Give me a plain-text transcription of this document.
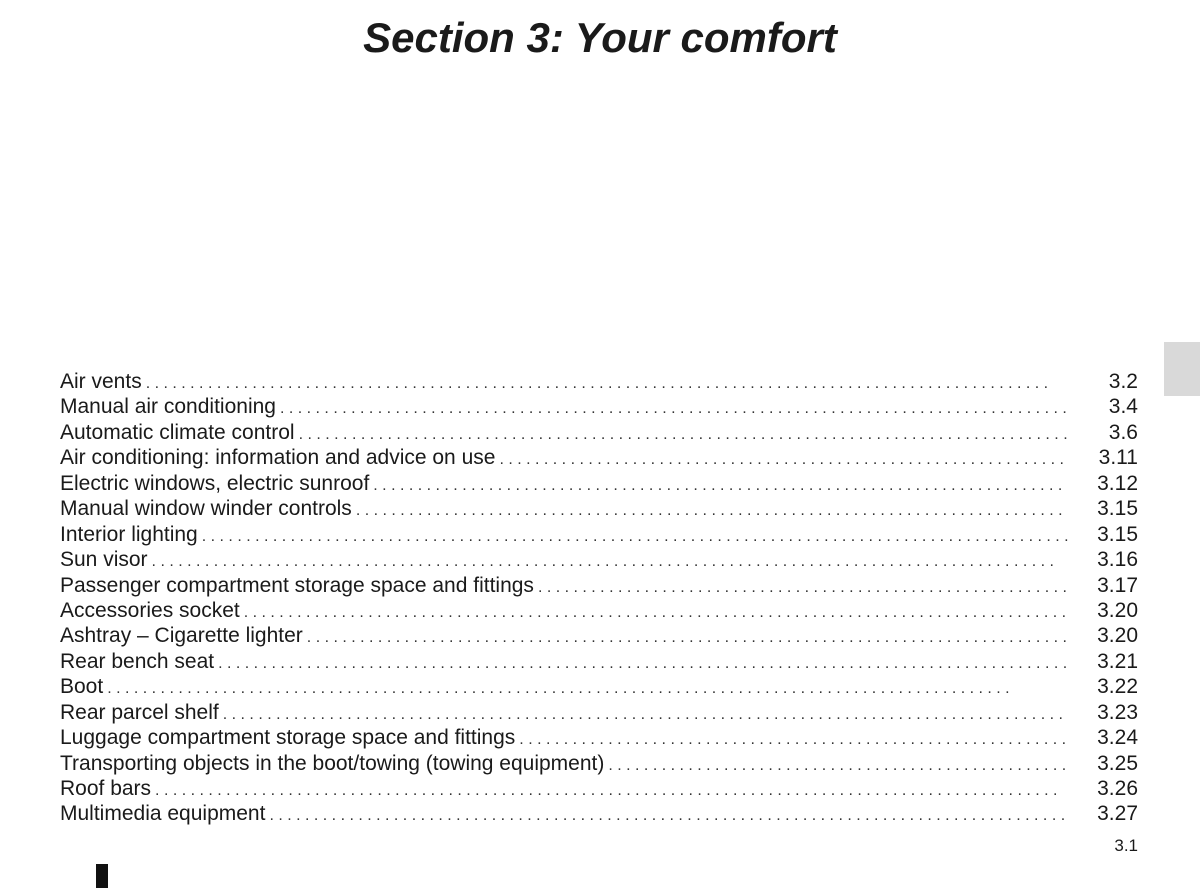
Section 3: Your comfort
Air vents . . .	3.2
Manual air conditioning . . .	3.4
Automatic climate control . . .	3.6
Air conditioning: information and advice on use . . .	3.11
Electric windows, electric sunroof . . .	3.12
Manual window winder controls . . .	3.15
Interior lighting . . .	3.15
Sun visor . . .	3.16
Passenger compartment storage space and fittings . . .	3.17
Accessories socket . . .	3.20
Ashtray – Cigarette lighter . . .	3.20
Rear bench seat . . .	3.21
Boot . . .	3.22
Rear parcel shelf . . .	3.23
Luggage compartment storage space and fittings . . .	3.24
Transporting objects in the boot/towing (towing equipment) . . .	3.25
Roof bars . . .	3.26
Multimedia equipment . . .	3.27
3.1
